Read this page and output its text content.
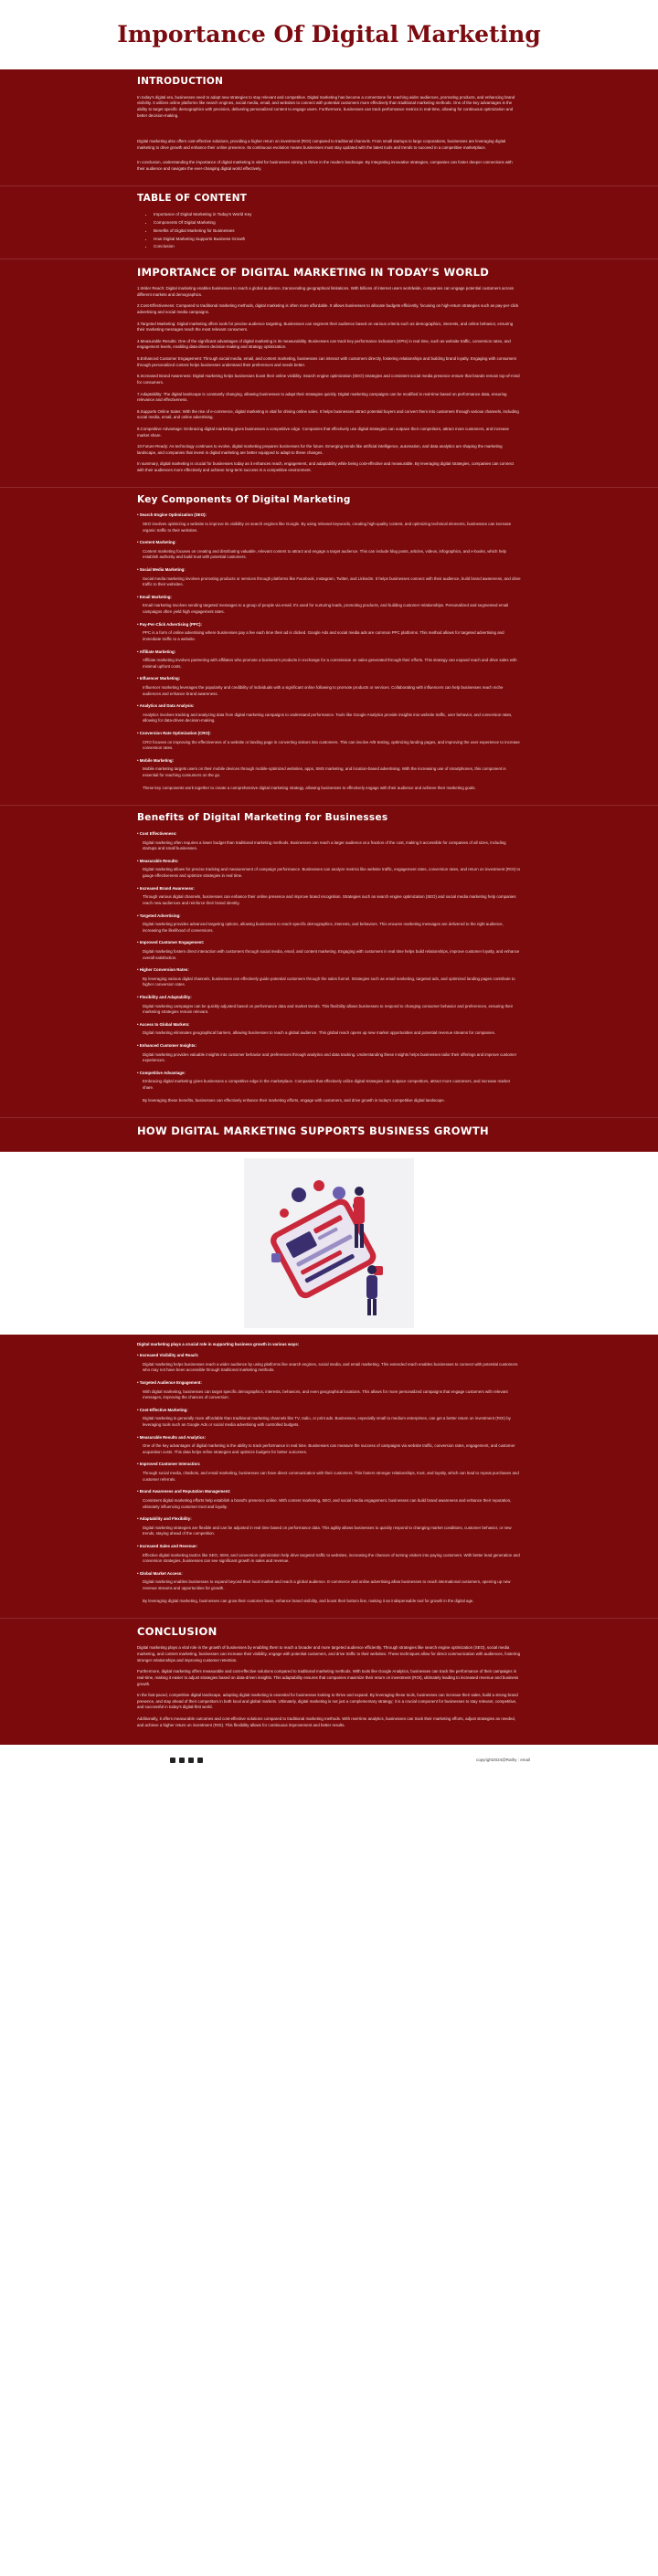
Importance Of Digital Marketing
INTRODUCTION

In today's digital era, businesses need to adapt new strategies to stay relevant and competitive. Digital marketing has become a cornerstone for reaching wider audiences, promoting products, and enhancing brand visibility. It utilizes online platforms like search engines, social media, email, and websites to connect with potential customers more effectively than traditional marketing methods. One of the key advantages is the ability to target specific demographics with precision, delivering personalized content to engage users. Furthermore, businesses can track performance metrics in real-time, allowing for continuous optimization and better decision-making.

Digital marketing also offers cost-effective solutions, providing a higher return on investment (ROI) compared to traditional channels. From small startups to large corporations, businesses are leveraging digital marketing to drive growth and enhance their online presence. Its continuous evolution means businesses must stay updated with the latest tools and trends to succeed in a competitive marketplace.

In conclusion, understanding the importance of digital marketing is vital for businesses aiming to thrive in the modern landscape. By integrating innovative strategies, companies can foster deeper connections with their audience and navigate the ever-changing digital world effectively.

TABLE OF CONTENT
• Importance of Digital Marketing in Today's World Key
• Components Of Digital Marketing
• Benefits of Digital Marketing for Businesses
• How Digital Marketing Supports Business Growth
• Conclusion
IMPORTANCE OF DIGITAL MARKETING IN TODAY'S WORLD

1.Wider Reach: Digital marketing enables businesses to reach a global audience, transcending geographical limitations. With billions of internet users worldwide, companies can engage potential customers across different markets and demographics.

2.Cost-Effectiveness: Compared to traditional marketing methods, digital marketing is often more affordable. It allows businesses to allocate budgets efficiently, focusing on high-return strategies such as pay-per-click advertising and social media campaigns.

3.Targeted Marketing: Digital marketing offers tools for precise audience targeting. Businesses can segment their audience based on various criteria such as demographics, interests, and online behavior, ensuring their marketing messages reach the most relevant consumers.

4.Measurable Results: One of the significant advantages of digital marketing is its measurability. Businesses can track key performance indicators (KPIs) in real time, such as website traffic, conversion rates, and engagement levels, enabling data-driven decision-making and strategy optimization.

5.Enhanced Customer Engagement: Through social media, email, and content marketing, businesses can interact with customers directly, fostering relationships and building brand loyalty. Engaging with consumers through personalized content helps businesses understand their preferences and needs better.

6.Increased Brand Awareness: Digital marketing helps businesses boost their online visibility. Search engine optimization (SEO) strategies and consistent social media presence ensure that brands remain top-of-mind for consumers.

7.Adaptability: The digital landscape is constantly changing, allowing businesses to adapt their strategies quickly. Digital marketing campaigns can be modified in real-time based on performance data, ensuring relevance and effectiveness.

8.Supports Online Sales: With the rise of e-commerce, digital marketing is vital for driving online sales. It helps businesses attract potential buyers and convert them into customers through various channels, including social media, email, and online advertising.

9.Competitive Advantage: Embracing digital marketing gives businesses a competitive edge. Companies that effectively use digital strategies can outpace their competitors, attract more customers, and increase market share.

10.Future-Ready: As technology continues to evolve, digital marketing prepares businesses for the future. Emerging trends like artificial intelligence, automation, and data analytics are shaping the marketing landscape, and companies that invest in digital marketing are better equipped to adapt to these changes.

In summary, digital marketing is crucial for businesses today as it enhances reach, engagement, and adaptability while being cost-effective and measurable. By leveraging digital strategies, companies can connect with their audiences more effectively and achieve long-term success in a competitive environment.

Key Components Of Digital Marketing
• Search Engine Optimization (SEO):
SEO involves optimizing a website to improve its visibility on search engines like Google. By using relevant keywords, creating high-quality content, and optimizing technical elements, businesses can increase organic traffic to their websites.
• Content Marketing:
Content marketing focuses on creating and distributing valuable, relevant content to attract and engage a target audience. This can include blog posts, articles, videos, infographics, and e-books, which help establish authority and build trust with potential customers.
• Social Media Marketing:
Social media marketing involves promoting products or services through platforms like Facebook, Instagram, Twitter, and LinkedIn. It helps businesses connect with their audience, build brand awareness, and drive traffic to their websites.
• Email Marketing:
Email marketing involves sending targeted messages to a group of people via email. It's used for nurturing leads, promoting products, and building customer relationships. Personalized and segmented email campaigns often yield high engagement rates.
• Pay-Per-Click Advertising (PPC):
PPC is a form of online advertising where businesses pay a fee each time their ad is clicked. Google Ads and social media ads are common PPC platforms. This method allows for targeted advertising and immediate traffic to a website.
• Affiliate Marketing:
Affiliate marketing involves partnering with affiliates who promote a business's products in exchange for a commission on sales generated through their efforts. This strategy can expand reach and drive sales with minimal upfront costs.
• Influencer Marketing:
Influencer marketing leverages the popularity and credibility of individuals with a significant online following to promote products or services. Collaborating with influencers can help businesses reach niche audiences and enhance brand awareness.
• Analytics and Data Analysis:
Analytics involves tracking and analyzing data from digital marketing campaigns to understand performance. Tools like Google Analytics provide insights into website traffic, user behavior, and conversion rates, allowing for data-driven decision-making.
• Conversion Rate Optimization (CRO):
CRO focuses on improving the effectiveness of a website or landing page in converting visitors into customers. This can involve A/B testing, optimizing landing pages, and improving the user experience to increase conversion rates.
• Mobile Marketing:
Mobile marketing targets users on their mobile devices through mobile-optimized websites, apps, SMS marketing, and location-based advertising. With the increasing use of smartphones, this component is essential for reaching consumers on the go.
These key components work together to create a comprehensive digital marketing strategy, allowing businesses to effectively engage with their audience and achieve their marketing goals.
Benefits of Digital Marketing for Businesses
• Cost Effectiveness:
Digital marketing often requires a lower budget than traditional marketing methods. Businesses can reach a larger audience at a fraction of the cost, making it accessible for companies of all sizes, including startups and small businesses.
• Measurable Results:
Digital marketing allows for precise tracking and measurement of campaign performance. Businesses can analyze metrics like website traffic, engagement rates, conversion rates, and return on investment (ROI) to gauge effectiveness and optimize strategies in real time.
• Increased Brand Awareness:
Through various digital channels, businesses can enhance their online presence and improve brand recognition. Strategies such as search engine optimization (SEO) and social media marketing help companies reach new audiences and reinforce their brand identity.
• Targeted Advertising:
Digital marketing provides advanced targeting options, allowing businesses to reach specific demographics, interests, and behaviors. This ensures marketing messages are delivered to the right audience, increasing the likelihood of conversions.
• Improved Customer Engagement:
Digital marketing fosters direct interaction with customers through social media, email, and content marketing. Engaging with customers in real time helps build relationships, improve customer loyalty, and enhance overall satisfaction.
• Higher Conversion Rates:
By leveraging various digital channels, businesses can effectively guide potential customers through the sales funnel. Strategies such as email marketing, targeted ads, and optimized landing pages contribute to higher conversion rates.
• Flexibility and Adaptability:
Digital marketing campaigns can be quickly adjusted based on performance data and market trends. This flexibility allows businesses to respond to changing consumer behavior and preferences, ensuring their marketing strategies remain relevant.
• Access to Global Markets:
Digital marketing eliminates geographical barriers, allowing businesses to reach a global audience. This global reach opens up new market opportunities and potential revenue streams for companies.
• Enhanced Customer Insights:
Digital marketing provides valuable insights into customer behavior and preferences through analytics and data tracking. Understanding these insights helps businesses tailor their offerings and improve customer experiences.
• Competitive Advantage:
Embracing digital marketing gives businesses a competitive edge in the marketplace. Companies that effectively utilize digital strategies can outpace competitors, attract more customers, and increase market share.
By leveraging these benefits, businesses can effectively enhance their marketing efforts, engage with customers, and drive growth in today's competitive digital landscape.
HOW DIGITAL MARKETING SUPPORTS BUSINESS GROWTH

Digital marketing plays a crucial role in supporting business growth in various ways:

• Increased Visibility and Reach:
Digital marketing helps businesses reach a wider audience by using platforms like search engines, social media, and email marketing. This extended reach enables businesses to connect with potential customers who may not have been accessible through traditional marketing methods.
• Targeted Audience Engagement:
With digital marketing, businesses can target specific demographics, interests, behaviors, and even geographical locations. This allows for more personalized campaigns that engage customers with relevant messages, improving the chances of conversion.
• Cost-Effective Marketing:
Digital marketing is generally more affordable than traditional marketing channels like TV, radio, or print ads. Businesses, especially small to medium enterprises, can get a better return on investment (ROI) by leveraging tools such as Google Ads or social media advertising with controlled budgets.
• Measurable Results and Analytics:
One of the key advantages of digital marketing is the ability to track performance in real time. Businesses can measure the success of campaigns via website traffic, conversion rates, engagement, and customer acquisition costs. This data helps refine strategies and optimize budgets for better outcomes.
• Improved Customer Interaction:
Through social media, chatbots, and email marketing, businesses can have direct communication with their customers. This fosters stronger relationships, trust, and loyalty, which can lead to repeat purchases and customer referrals.
• Brand Awareness and Reputation Management:
Consistent digital marketing efforts help establish a brand's presence online. With content marketing, SEO, and social media engagement, businesses can build brand awareness and enhance their reputation, ultimately influencing customer trust and loyalty.
• Adaptability and Flexibility:
Digital marketing strategies are flexible and can be adjusted in real time based on performance data. This agility allows businesses to quickly respond to changing market conditions, customer behavior, or new trends, staying ahead of the competition.
• Increased Sales and Revenue:
Effective digital marketing tactics like SEO, SEM, and conversion optimization help drive targeted traffic to websites, increasing the chances of turning visitors into paying customers. With better lead generation and conversion strategies, businesses can see significant growth in sales and revenue.
• Global Market Access:
Digital marketing enables businesses to expand beyond their local market and reach a global audience. E-commerce and online advertising allow businesses to reach international customers, opening up new revenue streams and opportunities for growth.
By leveraging digital marketing, businesses can grow their customer base, enhance brand visibility, and boost their bottom line, making it an indispensable tool for growth in the digital age.
CONCLUSION

Digital marketing plays a vital role in the growth of businesses by enabling them to reach a broader and more targeted audience efficiently. Through strategies like search engine optimization (SEO), social media marketing, and content marketing, businesses can increase their visibility, engage with potential customers, and drive traffic to their websites. These techniques allow for direct communication with audiences, fostering stronger relationships and improving customer retention.

Furthermore, digital marketing offers measurable and cost-effective solutions compared to traditional marketing methods. With tools like Google Analytics, businesses can track the performance of their campaigns in real-time, making it easier to adjust strategies based on data-driven insights. This adaptability ensures that companies maximize their return on investment (ROI), ultimately leading to increased revenue and business growth.

In the fast-paced, competitive digital landscape, adopting digital marketing is essential for businesses looking to thrive and expand. By leveraging these tools, businesses can increase their sales, build a strong brand presence, and stay ahead of their competitors in both local and global markets. Ultimately, digital marketing is not just a complementary strategy; it is a crucial component for businesses to stay relevant, competitive, and successful in today's digital-first world.

Additionally, it offers measurable outcomes and cost-effective solutions compared to traditional marketing methods. With real-time analytics, businesses can track their marketing efforts, adjust strategies as needed, and achieve a higher return on investment (ROI). This flexibility allows for continuous improvement and better results.

copyright2024@Rathy : email
